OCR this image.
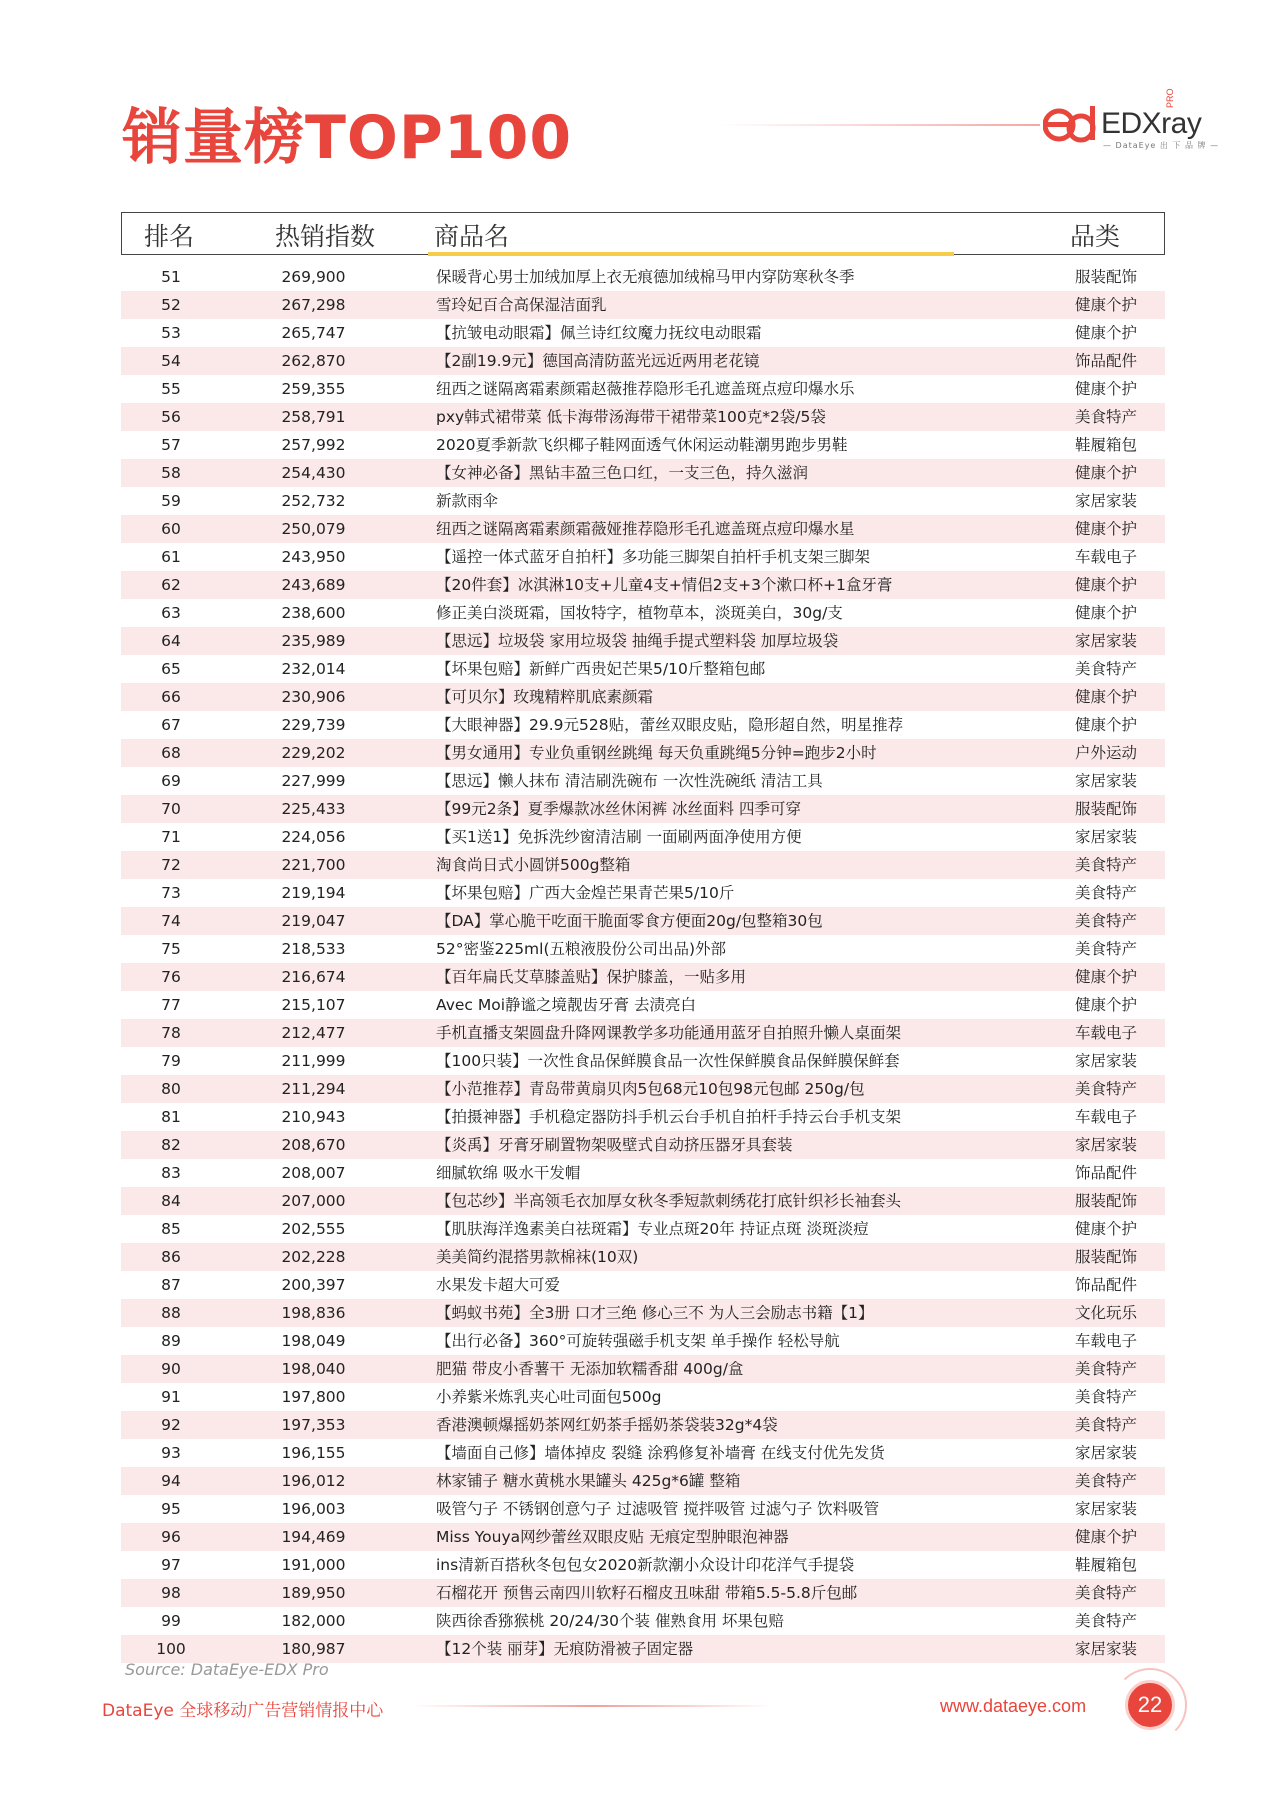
销量榜TOP100	EDXray
PRO
— DataEye 出 下 品 牌 —
排名	热销指数 商品名	品类
51	269,900	保暖背心男士加绒加厚上衣无痕德加绒棉马甲内穿防寒秋冬季	服装配饰
52	267,298	雪玲妃百合高保湿洁面乳	健康个护
53	265,747	【抗皱电动眼霜】佩兰诗红纹魔力抚纹电动眼霜	健康个护
54	262,870	【2副19.9元】德国高清防蓝光远近两用老花镜	饰品配件
55	259,355	纽西之谜隔离霜素颜霜赵薇推荐隐形毛孔遮盖斑点痘印爆水乐	健康个护
56	258,791	pxy韩式裙带菜 低卡海带汤海带干裙带菜100克*2袋/5袋	美食特产
57	257,992	2020夏季新款飞织椰子鞋网面透气休闲运动鞋潮男跑步男鞋	鞋履箱包
58	254,430	【女神必备】黑钻丰盈三色口红，一支三色，持久滋润	健康个护
59	252,732	新款雨伞	家居家装
60	250,079	纽西之谜隔离霜素颜霜薇娅推荐隐形毛孔遮盖斑点痘印爆水星	健康个护
61	243,950	【遥控一体式蓝牙自拍杆】多功能三脚架自拍杆手机支架三脚架	车载电子
62	243,689	【20件套】冰淇淋10支+儿童4支+情侣2支+3个漱口杯+1盒牙膏	健康个护
63	238,600	修正美白淡斑霜，国妆特字，植物草本，淡斑美白，30g/支	健康个护
64	235,989	【思远】垃圾袋 家用垃圾袋 抽绳手提式塑料袋 加厚垃圾袋	家居家装
65	232,014	【坏果包赔】新鲜广西贵妃芒果5/10斤整箱包邮	美食特产
66	230,906	【可贝尔】玫瑰精粹肌底素颜霜	健康个护
67	229,739	【大眼神器】29.9元528贴，蕾丝双眼皮贴，隐形超自然，明星推荐	健康个护
68	229,202	【男女通用】专业负重钢丝跳绳 每天负重跳绳5分钟=跑步2小时	户外运动
69	227,999	【思远】懒人抹布 清洁刷洗碗布 一次性洗碗纸 清洁工具	家居家装
70	225,433	【99元2条】夏季爆款冰丝休闲裤 冰丝面料 四季可穿	服装配饰
71	224,056	【买1送1】免拆洗纱窗清洁刷 一面刷两面净使用方便	家居家装
72	221,700	淘食尚日式小圆饼500g整箱	美食特产
73	219,194	【坏果包赔】广西大金煌芒果青芒果5/10斤	美食特产
74	219,047	【DA】掌心脆干吃面干脆面零食方便面20g/包整箱30包	美食特产
75	218,533	52°密鉴225ml(五粮液股份公司出品)外部	美食特产
76	216,674	【百年扁氏艾草膝盖贴】保护膝盖，一贴多用	健康个护
77	215,107	Avec Moi静谧之境靓齿牙膏 去渍亮白	健康个护
78	212,477	手机直播支架圆盘升降网课教学多功能通用蓝牙自拍照升懒人桌面架	车载电子
79	211,999	【100只装】一次性食品保鲜膜食品一次性保鲜膜食品保鲜膜保鲜套	家居家装
80	211,294	【小范推荐】青岛带黄扇贝肉5包68元10包98元包邮 250g/包	美食特产
81	210,943	【拍摄神器】手机稳定器防抖手机云台手机自拍杆手持云台手机支架	车载电子
82	208,670	【炎禹】牙膏牙刷置物架吸壁式自动挤压器牙具套装	家居家装
83	208,007	细腻软绵 吸水干发帽	饰品配件
84	207,000	【包芯纱】半高领毛衣加厚女秋冬季短款刺绣花打底针织衫长袖套头	服装配饰
85	202,555	【肌肤海洋逸素美白祛斑霜】专业点斑20年 持证点斑 淡斑淡痘	健康个护
86	202,228	美美简约混搭男款棉袜(10双)	服装配饰
87	200,397	水果发卡超大可爱	饰品配件
88	198,836	【蚂蚁书苑】全3册 口才三绝 修心三不 为人三会励志书籍【1】	文化玩乐
89	198,049	【出行必备】360°可旋转强磁手机支架 单手操作 轻松导航	车载电子
90	198,040	肥猫 带皮小香薯干 无添加软糯香甜 400g/盒	美食特产
91	197,800	小养紫米炼乳夹心吐司面包500g	美食特产
92	197,353	香港澳顿爆摇奶茶网红奶茶手摇奶茶袋装32g*4袋	美食特产
93	196,155	【墙面自己修】墙体掉皮 裂缝 涂鸦修复补墙膏 在线支付优先发货	家居家装
94	196,012	林家铺子 糖水黄桃水果罐头 425g*6罐 整箱	美食特产
95	196,003	吸管勺子 不锈钢创意勺子 过滤吸管 搅拌吸管 过滤勺子 饮料吸管	家居家装
96	194,469	Miss Youya网纱蕾丝双眼皮贴 无痕定型肿眼泡神器	健康个护
97	191,000	ins清新百搭秋冬包包女2020新款潮小众设计印花洋气手提袋	鞋履箱包
98	189,950	石榴花开 预售云南四川软籽石榴皮丑味甜 带箱5.5-5.8斤包邮	美食特产
99	182,000	陕西徐香猕猴桃 20/24/30个装 催熟食用 坏果包赔	美食特产
100	180,987	【12个装 丽芽】无痕防滑被子固定器	家居家装
Source: DataEye-EDX Pro
DataEye 全球移动广告营销情报中心	www.dataeye.com	22
